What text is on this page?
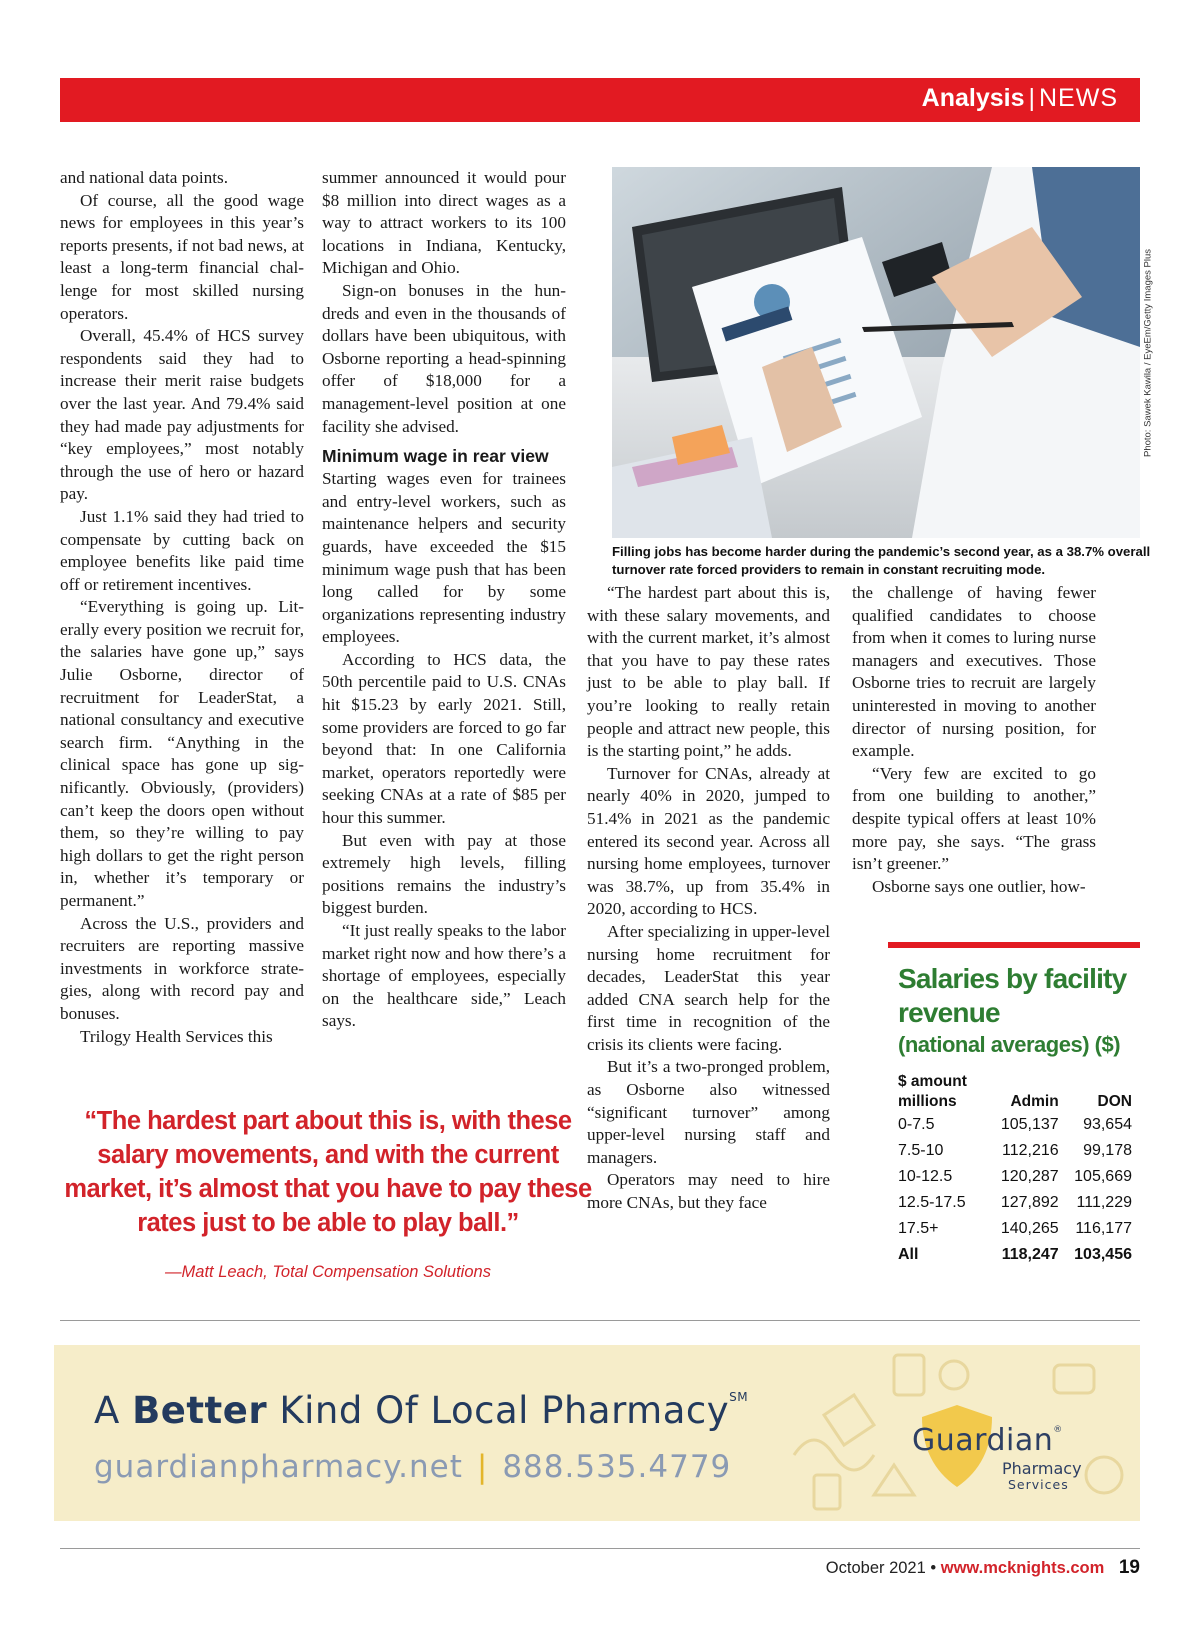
Analysis | NEWS

and national data points.

Of course, all the good wage news for employees in this year’s reports presents, if not bad news, at least a long-term financial challenge for most skilled nursing operators.

Overall, 45.4% of HCS survey respondents said they had to increase their merit raise budgets over the last year. And 79.4% said they had made pay adjustments for “key employees,” most notably through the use of hero or hazard pay.

Just 1.1% said they had tried to compensate by cutting back on employee benefits like paid time off or retirement incentives.

“Everything is going up. Literally every position we recruit for, the salaries have gone up,” says Julie Osborne, director of recruitment for LeaderStat, a national consultancy and executive search firm. “Anything in the clinical space has gone up significantly. Obviously, (providers) can’t keep the doors open without them, so they’re willing to pay high dollars to get the right person in, whether it’s temporary or permanent.”

Across the U.S., providers and recruiters are reporting massive investments in workforce strategies, along with record pay and bonuses.

Trilogy Health Services this

summer announced it would pour $8 million into direct wages as a way to attract workers to its 100 locations in Indiana, Kentucky, Michigan and Ohio.

Sign-on bonuses in the hundreds and even in the thousands of dollars have been ubiquitous, with Osborne reporting a head-spinning offer of $18,000 for a management-level position at one facility she advised.

Minimum wage in rear view

Starting wages even for trainees and entry-level workers, such as maintenance helpers and security guards, have exceeded the $15 minimum wage push that has been long called for by some organizations representing industry employees.

According to HCS data, the 50th percentile paid to U.S. CNAs hit $15.23 by early 2021. Still, some providers are forced to go far beyond that: In one California market, operators reportedly were seeking CNAs at a rate of $85 per hour this summer.

But even with pay at those extremely high levels, filling positions remains the industry’s biggest burden.

“It just really speaks to the labor market right now and how there’s a shortage of employees, especially on the healthcare side,” Leach says.

Photo: Sawek Kawila / EyeEm/Getty Images Plus
Filling jobs has become harder during the pandemic’s second year, as a 38.7% overall turnover rate forced providers to remain in constant recruiting mode.

“The hardest part about this is, with these salary movements, and with the current market, it’s almost that you have to pay these rates just to be able to play ball. If you’re looking to really retain people and attract new people, this is the starting point,” he adds.

Turnover for CNAs, already at nearly 40% in 2020, jumped to 51.4% in 2021 as the pandemic entered its second year. Across all nursing home employees, turnover was 38.7%, up from 35.4% in 2020, according to HCS.

After specializing in upper-level nursing home recruitment for decades, LeaderStat this year added CNA search help for the first time in recognition of the crisis its clients were facing.

But it’s a two-pronged problem, as Osborne also witnessed “significant turnover” among upper-level nursing staff and managers.

Operators may need to hire more CNAs, but they face

the challenge of having fewer qualified candidates to choose from when it comes to luring nurse managers and executives. Those Osborne tries to recruit are largely uninterested in moving to another director of nursing position, for example.

“Very few are excited to go from one building to another,” despite typical offers at least 10% more pay, she says. “The grass isn’t greener.”

Osborne says one outlier, how-

“The hardest part about this is, with these salary movements, and with the current market, it’s almost that you have to pay these rates just to be able to play ball.”
—Matt Leach, Total Compensation Solutions
Salaries by facility revenue
(national averages) ($)
$ amount
millions	Admin	DON
0-7.5	105,137	93,654
7.5-10	112,216	99,178
10-12.5	120,287	105,669
12.5-17.5	127,892	111,229
17.5+	140,265	116,177
All	118,247	103,456
A Better Kind Of Local Pharmacy℠
guardianpharmacy.net | 888.535.4779
Guardian®
Pharmacy
Services
October 2021 • www.mcknights.com 19
